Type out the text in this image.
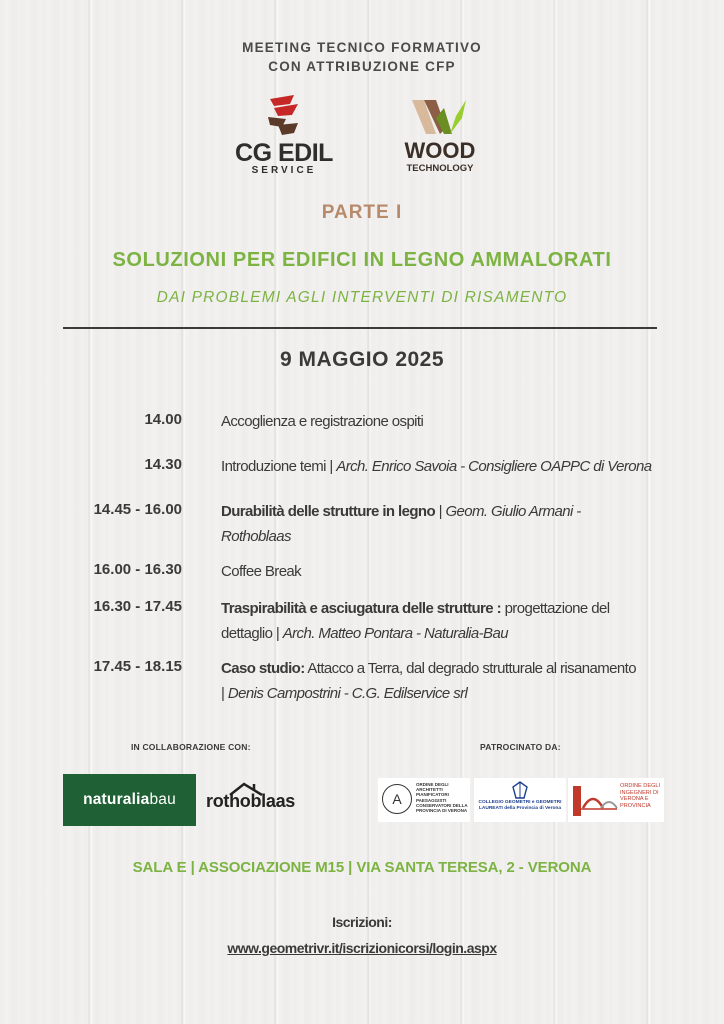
MEETING TECNICO FORMATIVO
CON ATTRIBUZIONE CFP
CG EDIL
SERVICE
WOOD
TECHNOLOGY
PARTE I
SOLUZIONI PER EDIFICI IN LEGNO AMMALORATI
DAI PROBLEMI AGLI INTERVENTI DI RISAMENTO
9 MAGGIO 2025
14.00	Accoglienza e registrazione ospiti
14.30	Introduzione temi | Arch. Enrico Savoia - Consigliere OAPPC di Verona
14.45 - 16.00	Durabilità delle strutture in legno | Geom. Giulio Armani - Rothoblaas
16.00 - 16.30	Coffee Break
16.30 - 17.45	Traspirabilità e asciugatura delle strutture : progettazione del dettaglio | Arch. Matteo Pontara - Naturalia-Bau
17.45 - 18.15	Caso studio: Attacco a Terra, dal degrado strutturale al risanamento | Denis Campostrini - C.G. Edilservice srl
IN COLLABORAZIONE CON:	PATROCINATO DA:
naturalia bau rothoblaas	A
ORDINE DEGLI ARCHITETTI PIANIFICATORI PAESAGGISTI CONSERVATORI DELLA PROVINCIA DI VERONA
COLLEGIO GEOMETRI e GEOMETRI LAUREATI della Provincia di Verona
ORDINE DEGLI INGEGNERI DI VERONA E PROVINCIA
SALA E | ASSOCIAZIONE M15 | VIA SANTA TERESA, 2 - VERONA
Iscrizioni:
www.geometrivr.it/iscrizionicorsi/login.aspx
